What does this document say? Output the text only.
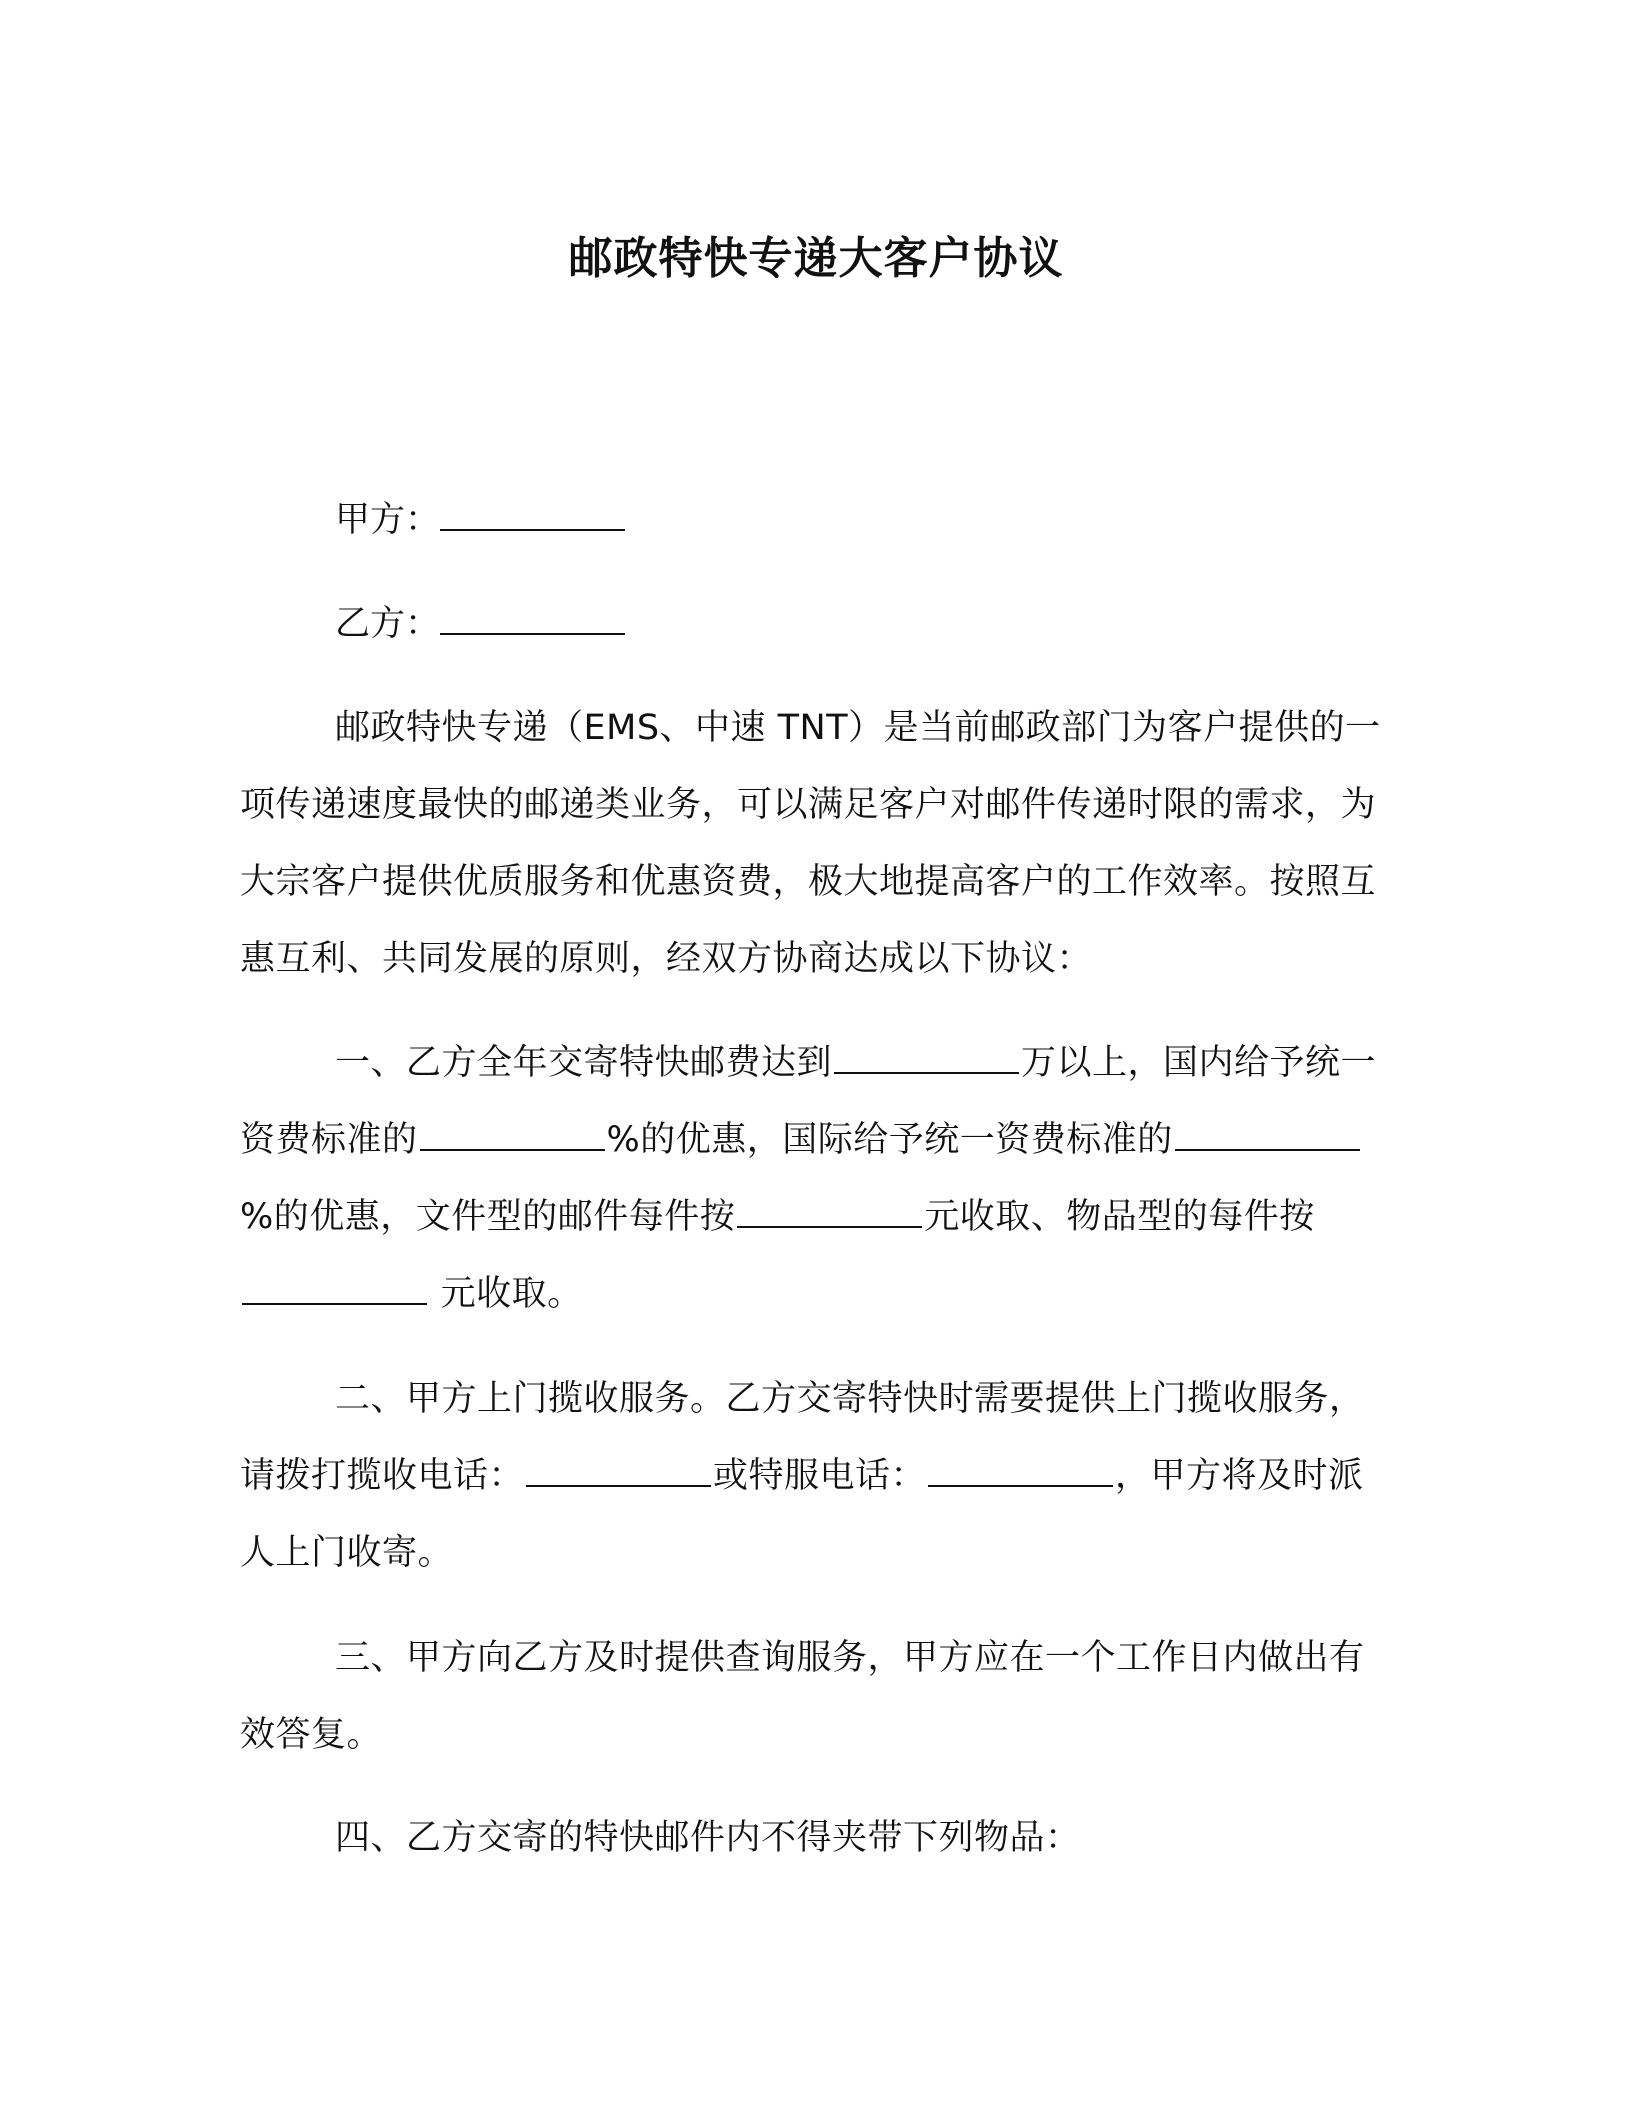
邮政特快专递大客户协议
甲方：
乙方：
邮政特快专递（EMS、中速 TNT）是当前邮政部门为客户提供的一项传递速度最快的邮递类业务，可以满足客户对邮件传递时限的需求，为大宗客户提供优质服务和优惠资费，极大地提高客户的工作效率。按照互惠互利、共同发展的原则，经双方协商达成以下协议：
一、乙方全年交寄特快邮费达到	万以上，国内给予统一资费标准的	%的优惠，国际给予统一资费标准的%的优惠，文件型的邮件每件按	元收取、物品型的每件按 元收取。
二、甲方上门揽收服务。乙方交寄特快时需要提供上门揽收服务，请拨打揽收电话：	或特服电话：	，甲方将及时派人上门收寄。
三、甲方向乙方及时提供查询服务，甲方应在一个工作日内做出有效答复。
四、乙方交寄的特快邮件内不得夹带下列物品：
